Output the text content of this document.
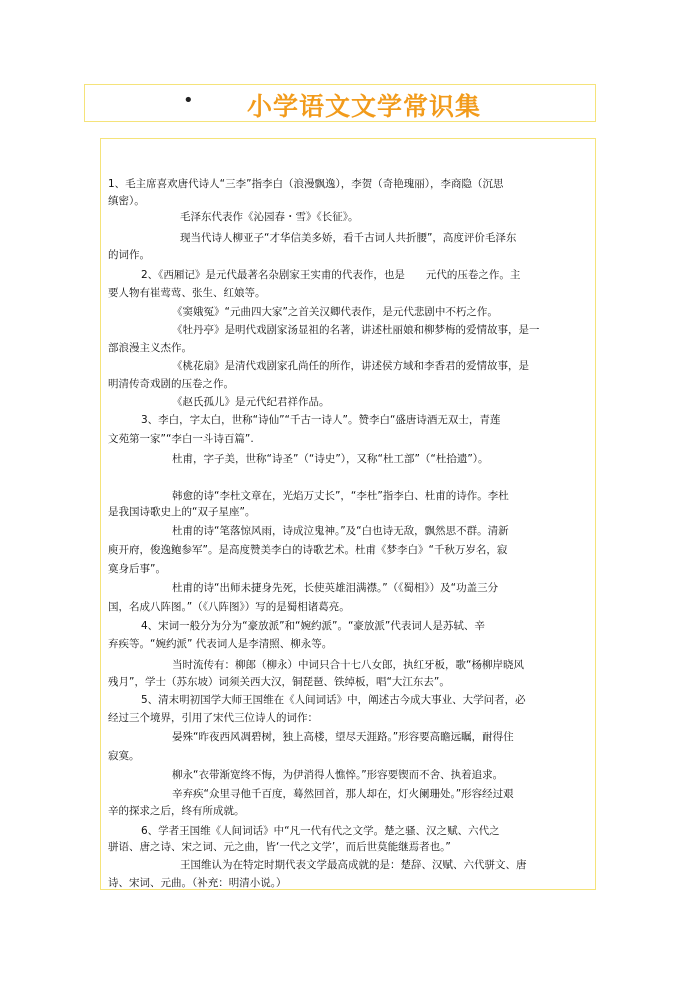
• 小学语文文学常识集
1、毛主席喜欢唐代诗人“三李”指李白（浪漫飘逸），李贺（奇艳瑰丽），李商隐（沉思
缜密）。
毛泽东代表作《沁园春・雪》《长征》。
现当代诗人柳亚子“才华信美多娇，看千古词人共折腰”，高度评价毛泽东
的词作。
2、《西厢记》是元代最著名杂剧家王实甫的代表作，也是　　元代的压卷之作。主
要人物有崔莺莺、张生、红娘等。
《窦娥冤》“元曲四大家”之首关汉卿代表作，是元代悲剧中不朽之作。
《牡丹亭》是明代戏剧家汤显祖的名著，讲述杜丽娘和柳梦梅的爱情故事，是一
部浪漫主义杰作。
《桃花扇》是清代戏剧家孔尚任的所作，讲述侯方域和李香君的爱情故事，是
明清传奇戏剧的压卷之作。
《赵氏孤儿》是元代纪君祥作品。
3、李白，字太白，世称“诗仙”“千古一诗人”。赞李白“盛唐诗酒无双士，青莲
文苑第一家”“李白一斗诗百篇”.
杜甫，字子美，世称“诗圣”（“诗史”），又称“杜工部”（“杜拾遗”）。
韩愈的诗“李杜文章在，光焰万丈长”，“李杜”指李白、杜甫的诗作。李杜
是我国诗歌史上的“双子星座”。
杜甫的诗“笔落惊风雨，诗成泣鬼神。”及“白也诗无敌，飘然思不群。清新
庾开府，俊逸鲍参军”。是高度赞美李白的诗歌艺术。杜甫《梦李白》“千秋万岁名，寂
寞身后事”。
杜甫的诗“出师未捷身先死，长使英雄泪满襟。”（《蜀相》）及“功盖三分
国，名成八阵图。”（《八阵图》）写的是蜀相诸葛亮。
4、宋词一般分为分为“豪放派”和“婉约派”。“豪放派”代表词人是苏轼、辛
弃疾等。“婉约派” 代表词人是李清照、柳永等。
当时流传有：柳郎（柳永）中词只合十七八女郎，执红牙板，歌“杨柳岸晓风
残月”，学士（苏东坡）词须关西大汉，铜琵琶、铁绰板，唱“大江东去”。
5、清末明初国学大师王国维在《人间词话》中，阐述古今成大事业、大学问者，必
经过三个境界，引用了宋代三位诗人的词作：
晏殊“昨夜西风凋碧树，独上高楼，望尽天涯路。”形容要高瞻远瞩，耐得住
寂寞。
柳永“衣带渐宽终不悔，为伊消得人憔悴。”形容要锲而不舍、执着追求。
辛弃疾“众里寻他千百度，蓦然回首，那人却在，灯火阑珊处。”形容经过艰
辛的探求之后，终有所成就。
6、学者王国维《人间词话》中“凡一代有代之文学。楚之骚、汉之赋、六代之
骈语、唐之诗、宋之词、元之曲，皆‘一代之文学’，而后世莫能继焉者也。”
王国维认为在特定时期代表文学最高成就的是：楚辞、汉赋、六代骈文、唐
诗、宋词、元曲。（补充：明清小说。）
